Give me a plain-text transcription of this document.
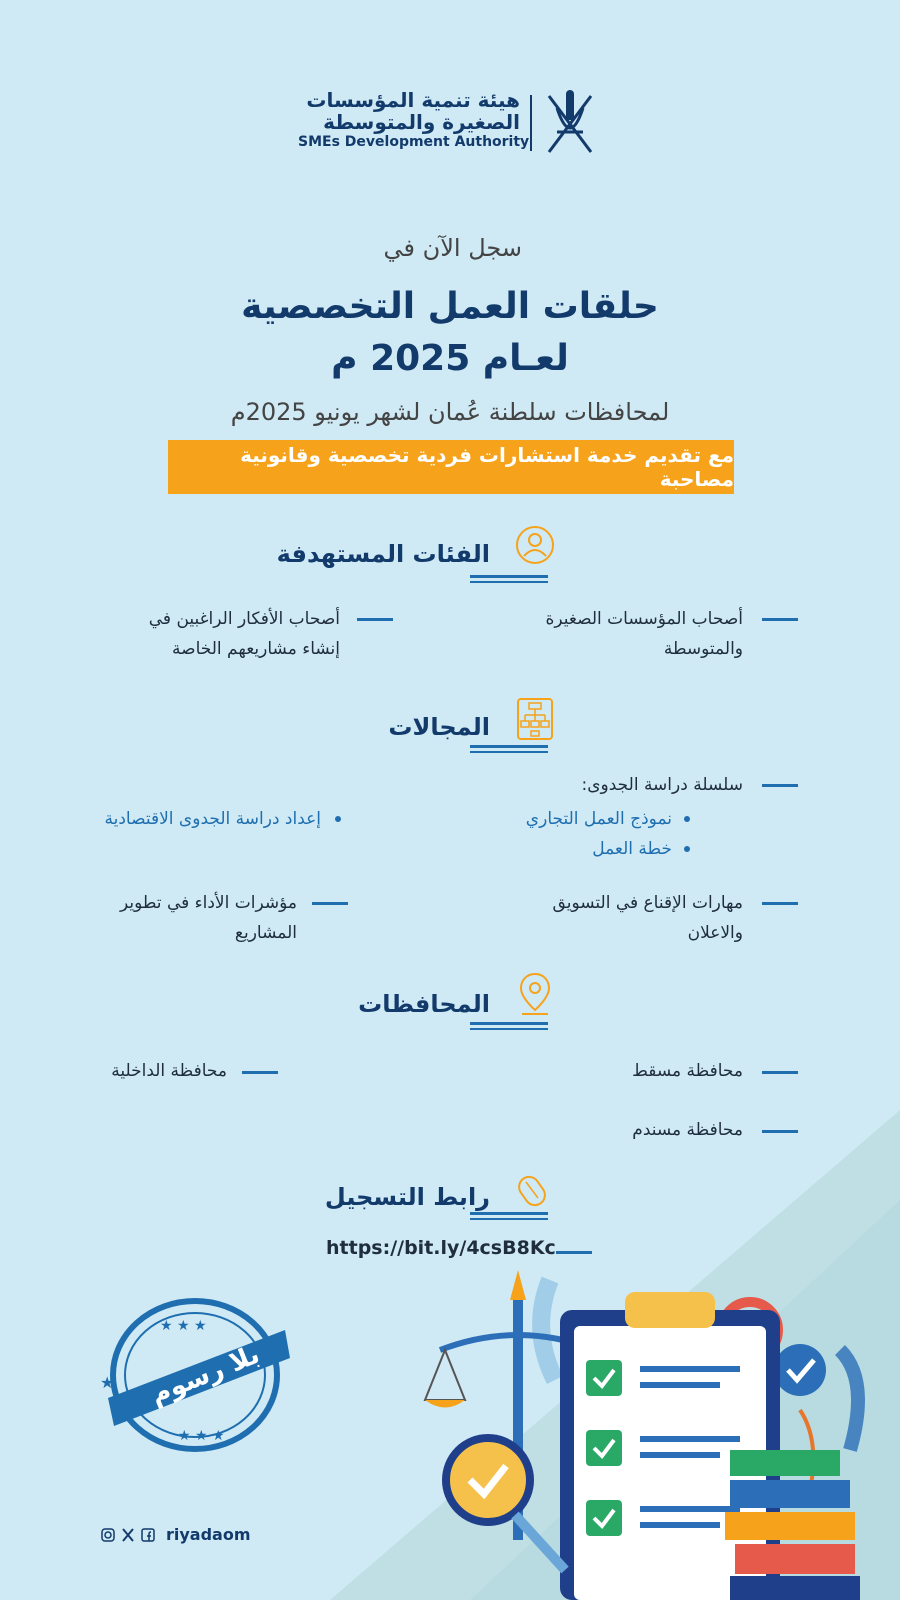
هيئة تنمية المؤسسات
الصغيرة والمتوسطة
SMEs Development Authority
سجل الآن في
حلقات العمل التخصصية
لعـام 2025 م
لمحافظات سلطنة عُمان لشهر يونيو 2025م
مع تقديم خدمة استشارات فردية تخصصية وقانونية مصاحبة
الفئات المستهدفة
أصحاب المؤسسات الصغيرة
والمتوسطة
أصحاب الأفكار الراغبين في
إنشاء مشاريعهم الخاصة
المجالات
سلسلة دراسة الجدوى:
نموذج العمل التجاري
خطة العمل
إعداد دراسة الجدوى الاقتصادية
مهارات الإقناع في التسويق
والاعلان
مؤشرات الأداء في تطوير
المشاريع
المحافظات
محافظة مسقط
محافظة الداخلية
محافظة مسندم
رابط التسجيل
https://bit.ly/4csB8Kc
★ ★ ★
★ ★ ★
★
★
بلا رسوم
riyadaom
